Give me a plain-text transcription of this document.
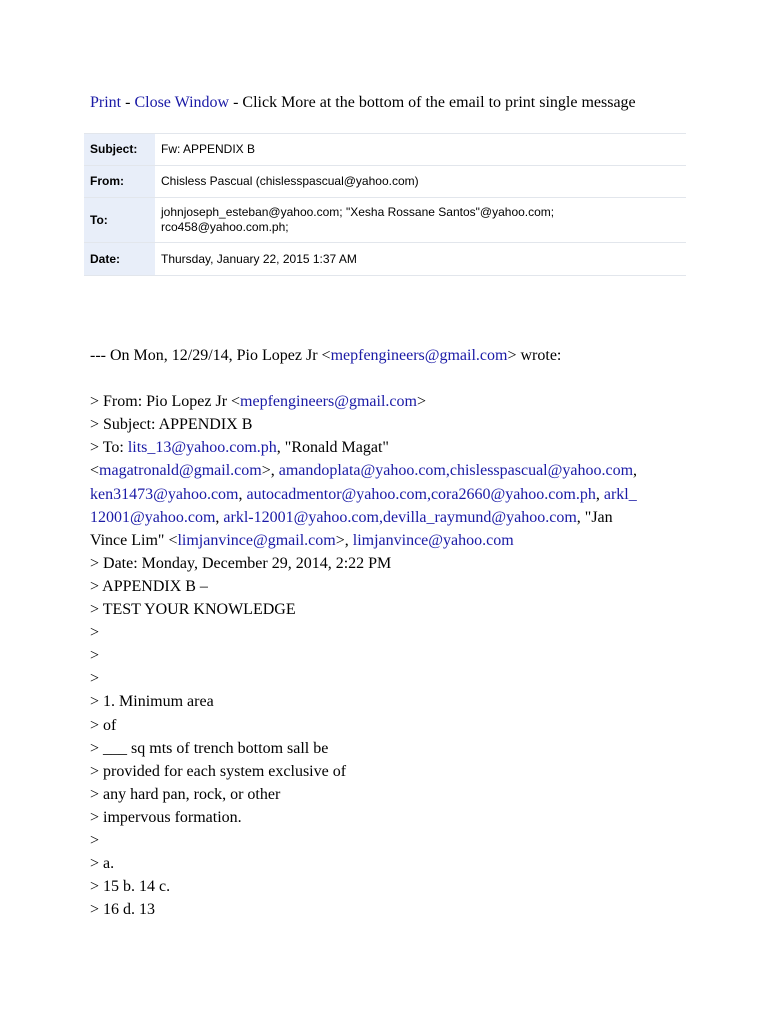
Print - Close Window - Click More at the bottom of the email to print single message
Subject:	Fw: APPENDIX B
From:	Chisless Pascual (chislesspascual@yahoo.com)
To:	johnjoseph_esteban@yahoo.com; "Xesha Rossane Santos"@yahoo.com;
rco458@yahoo.com.ph;

Date:	Thursday, January 22, 2015 1:37 AM
--- On Mon, 12/29/14, Pio Lopez Jr <mepfengineers@gmail.com> wrote:
> From: Pio Lopez Jr <mepfengineers@gmail.com>
> Subject: APPENDIX B
> To: lits_13@yahoo.com.ph, "Ronald Magat"
<magatronald@gmail.com>, amandoplata@yahoo.com,chislesspascual@yahoo.com,
ken31473@yahoo.com, autocadmentor@yahoo.com,cora2660@yahoo.com.ph, arkl_
12001@yahoo.com, arkl-12001@yahoo.com,devilla_raymund@yahoo.com, "Jan
Vince Lim" <limjanvince@gmail.com>, limjanvince@yahoo.com
> Date: Monday, December 29, 2014, 2:22 PM
> APPENDIX B –
> TEST YOUR KNOWLEDGE
>
>
>
> 1. Minimum area
> of
> ___ sq mts of trench bottom sall be
> provided for each system exclusive of
> any hard pan, rock, or other
> impervous formation.
>
> a.
> 15 b. 14 c.
> 16 d. 13
